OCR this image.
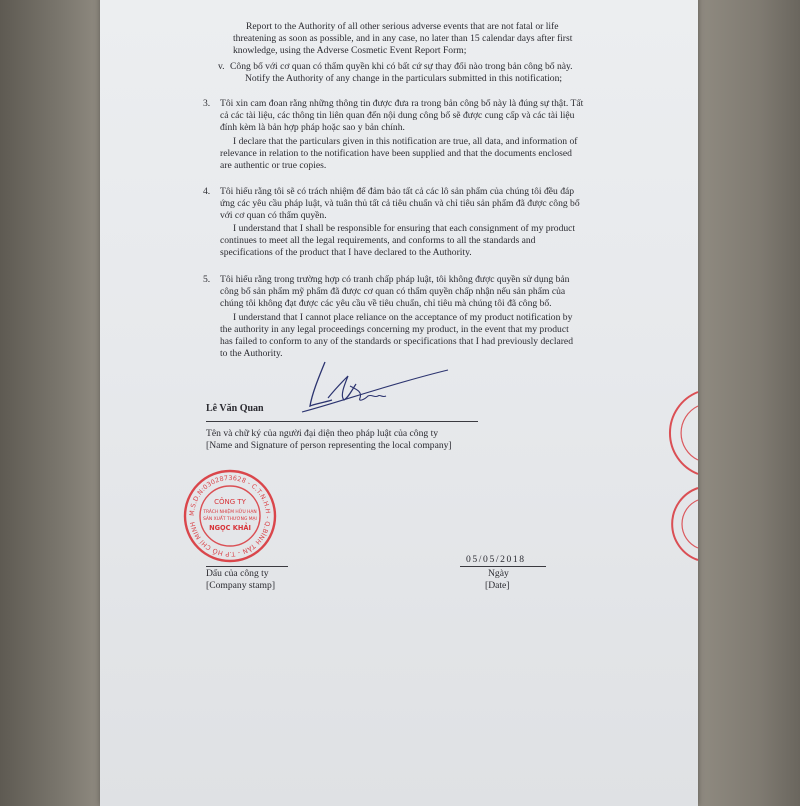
Report to the Authority of all other serious adverse events that are not fatal or life
threatening as soon as possible, and in any case, no later than 15 calendar days after first
knowledge, using the Adverse Cosmetic Event Report Form;
v. Công bố với cơ quan có thẩm quyền khi có bất cứ sự thay đổi nào trong bản công bố này.
Notify the Authority of any change in the particulars submitted in this notification;
3. Tôi xin cam đoan rằng những thông tin được đưa ra trong bản công bố này là đúng sự thật. Tất
cả các tài liệu, các thông tin liên quan đến nội dung công bố sẽ được cung cấp và các tài liệu
đính kèm là bản hợp pháp hoặc sao y bản chính.
I declare that the particulars given in this notification are true, all data, and information of
relevance in relation to the notification have been supplied and that the documents enclosed
are authentic or true copies.
4. Tôi hiểu rằng tôi sẽ có trách nhiệm để đảm bảo tất cả các lô sản phẩm của chúng tôi đều đáp
ứng các yêu cầu pháp luật, và tuân thủ tất cả tiêu chuẩn và chỉ tiêu sản phẩm đã được công bố
với cơ quan có thẩm quyền.
I understand that I shall be responsible for ensuring that each consignment of my product
continues to meet all the legal requirements, and conforms to all the standards and
specifications of the product that I have declared to the Authority.
5. Tôi hiểu rằng trong trường hợp có tranh chấp pháp luật, tôi không được quyền sử dụng bản
công bố sản phẩm mỹ phẩm đã được cơ quan có thẩm quyền chấp nhận nếu sản phẩm của
chúng tôi không đạt được các yêu cầu về tiêu chuẩn, chỉ tiêu mà chúng tôi đã công bố.
I understand that I cannot place reliance on the acceptance of my product notification by
the authority in any legal proceedings concerning my product, in the event that my product
has failed to conform to any of the standards or specifications that I had previously declared
to the Authority.
Lê Văn Quan
Tên và chữ ký của người đại diện theo pháp luật của công ty
[Name and Signature of person representing the local company]
M.S.D.N:0302873628 - C.T.N.H.H - Q.BÌNH TÂN - T.P HỒ CHÍ MINH
CÔNG TY
TRÁCH NHIỆM HỮU HẠN
SẢN XUẤT THƯƠNG MẠI
NGỌC KHẢI
Dấu của công ty
[Company stamp]
05/05/2018
Ngày
[Date]
